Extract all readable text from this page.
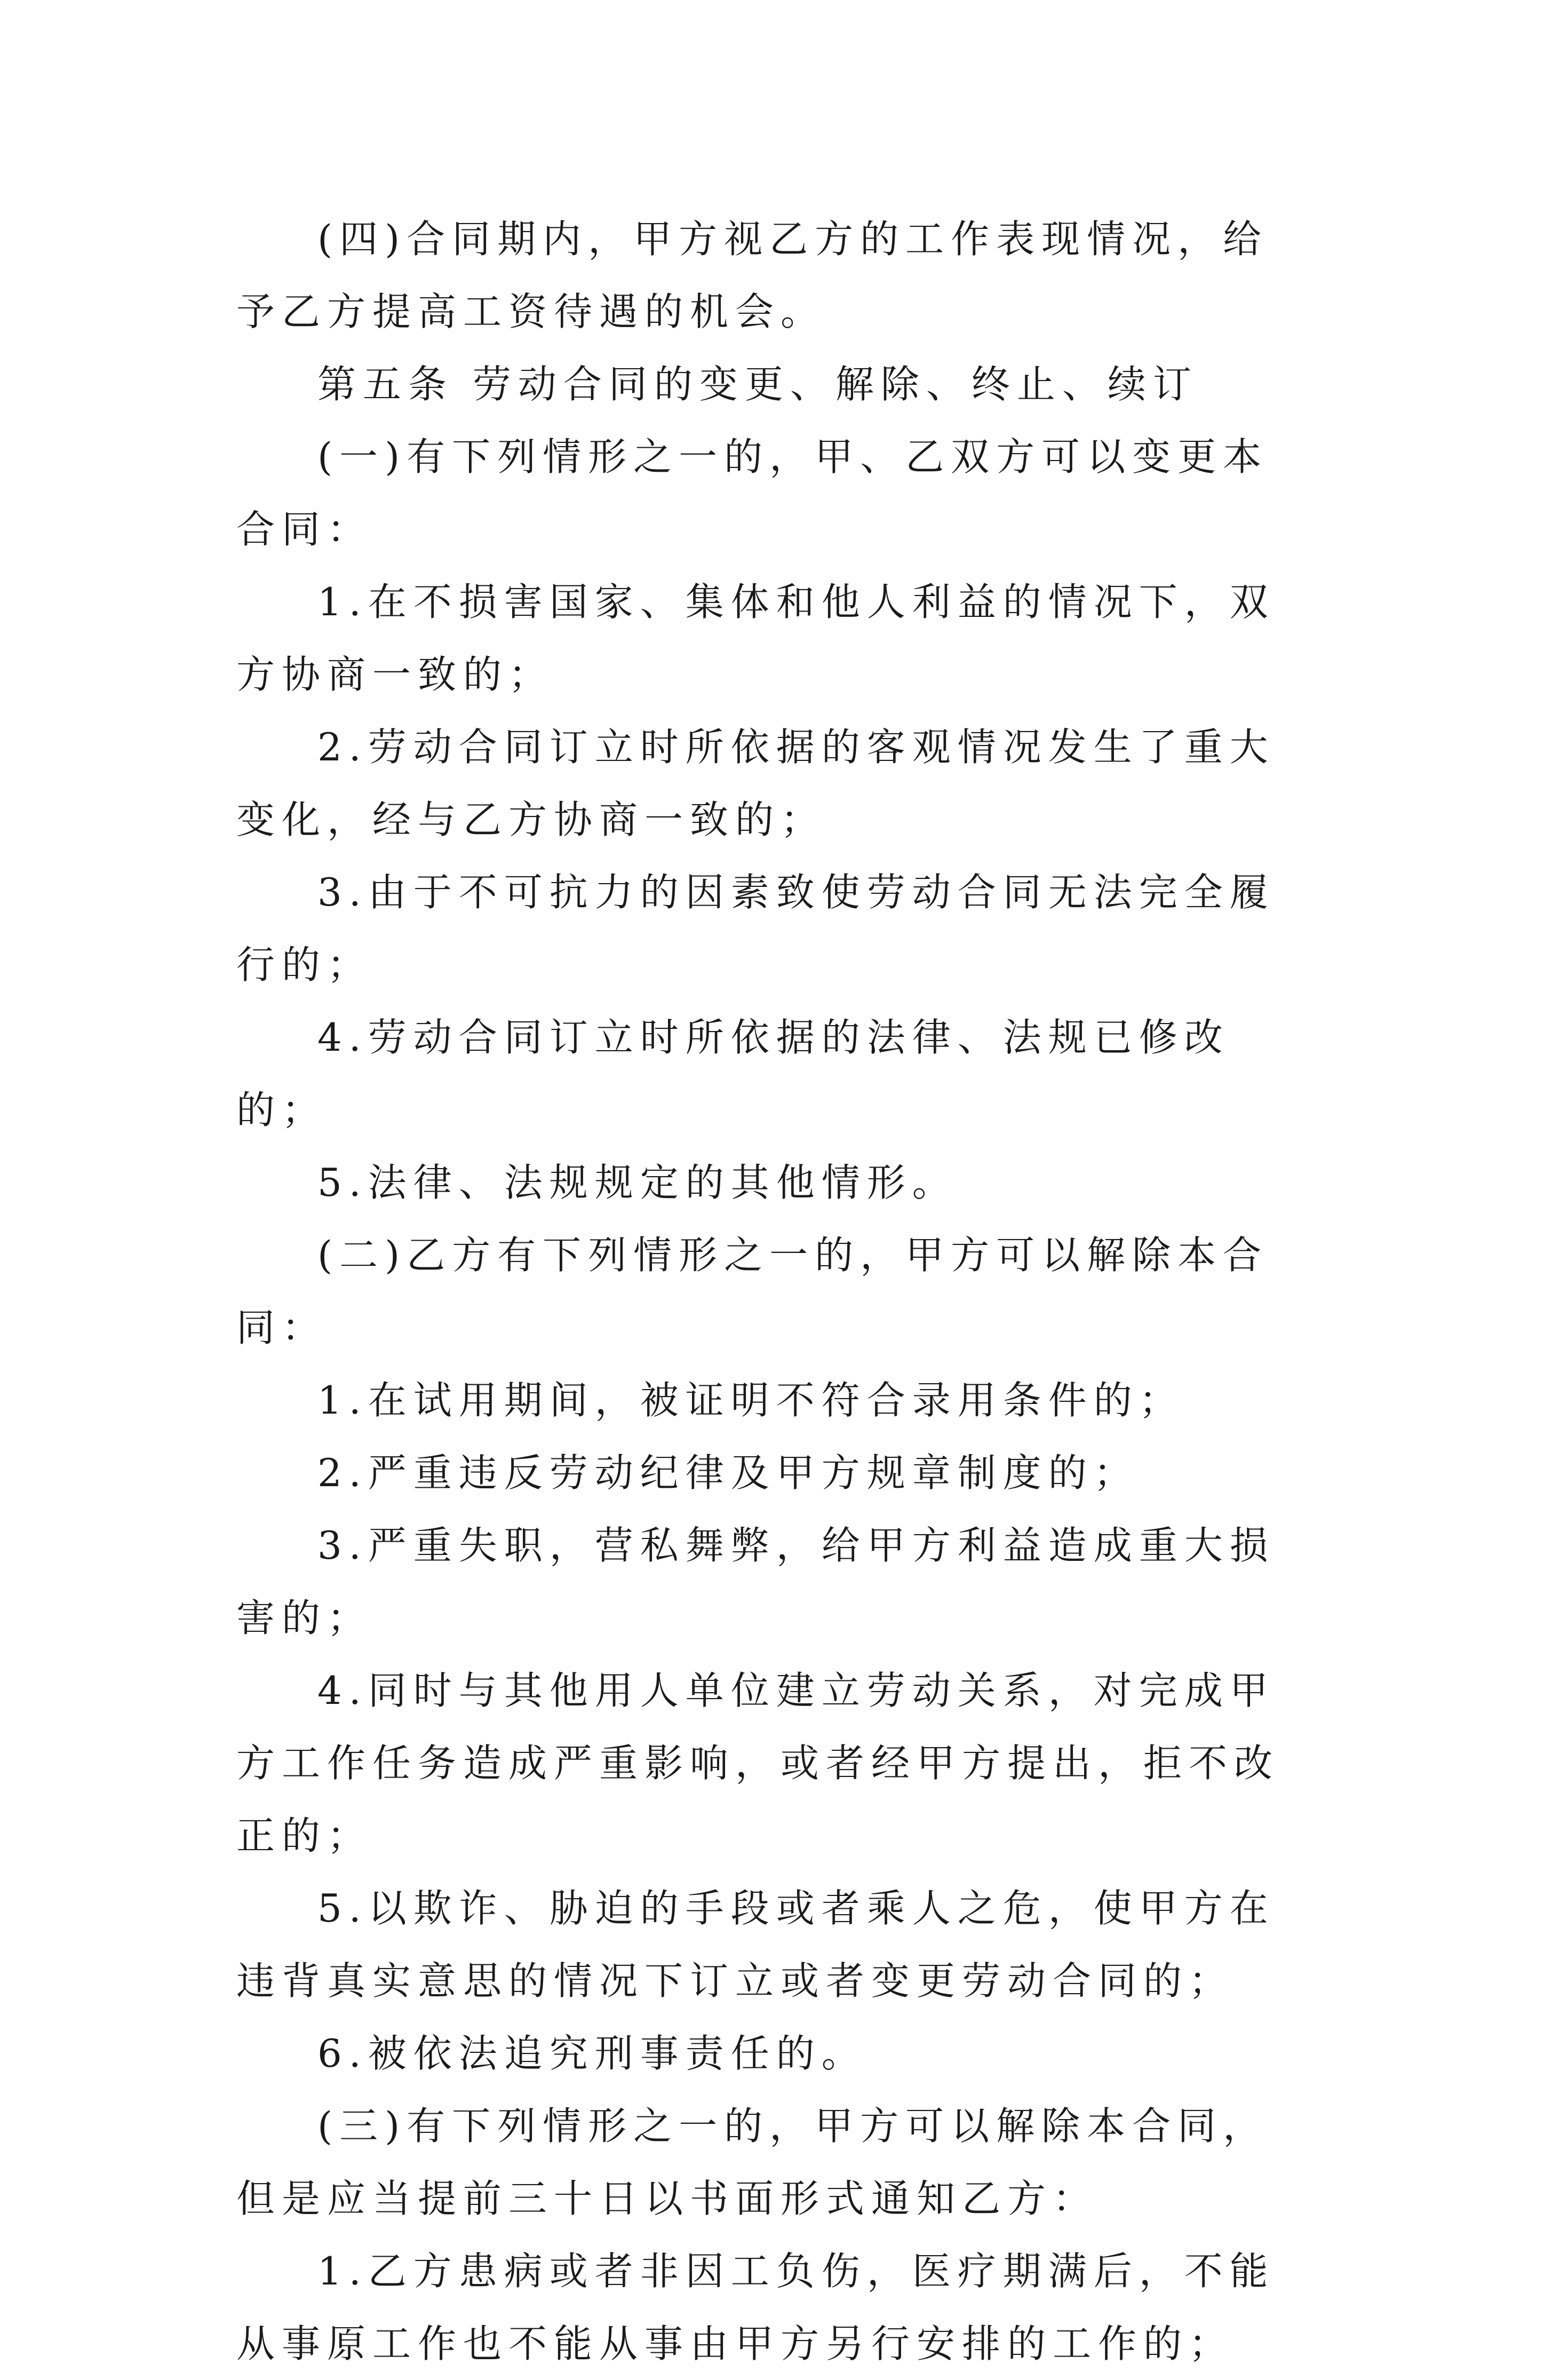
(四)合同期内，甲方视乙方的工作表现情况，给予乙方提高工资待遇的机会。

第五条 劳动合同的变更、解除、终止、续订

(一)有下列情形之一的，甲、乙双方可以变更本合同：

1.在不损害国家、集体和他人利益的情况下，双方协商一致的；

2.劳动合同订立时所依据的客观情况发生了重大变化，经与乙方协商一致的；

3.由于不可抗力的因素致使劳动合同无法完全履行的；

4.劳动合同订立时所依据的法律、法规已修改的；

5.法律、法规规定的其他情形。

(二)乙方有下列情形之一的，甲方可以解除本合同：

1.在试用期间，被证明不符合录用条件的；

2.严重违反劳动纪律及甲方规章制度的；

3.严重失职，营私舞弊，给甲方利益造成重大损害的；

4.同时与其他用人单位建立劳动关系，对完成甲方工作任务造成严重影响，或者经甲方提出，拒不改正的；

5.以欺诈、胁迫的手段或者乘人之危，使甲方在违背真实意思的情况下订立或者变更劳动合同的；

6.被依法追究刑事责任的。

(三)有下列情形之一的，甲方可以解除本合同，但是应当提前三十日以书面形式通知乙方：

1.乙方患病或者非因工负伤，医疗期满后，不能从事原工作也不能从事由甲方另行安排的工作的；
